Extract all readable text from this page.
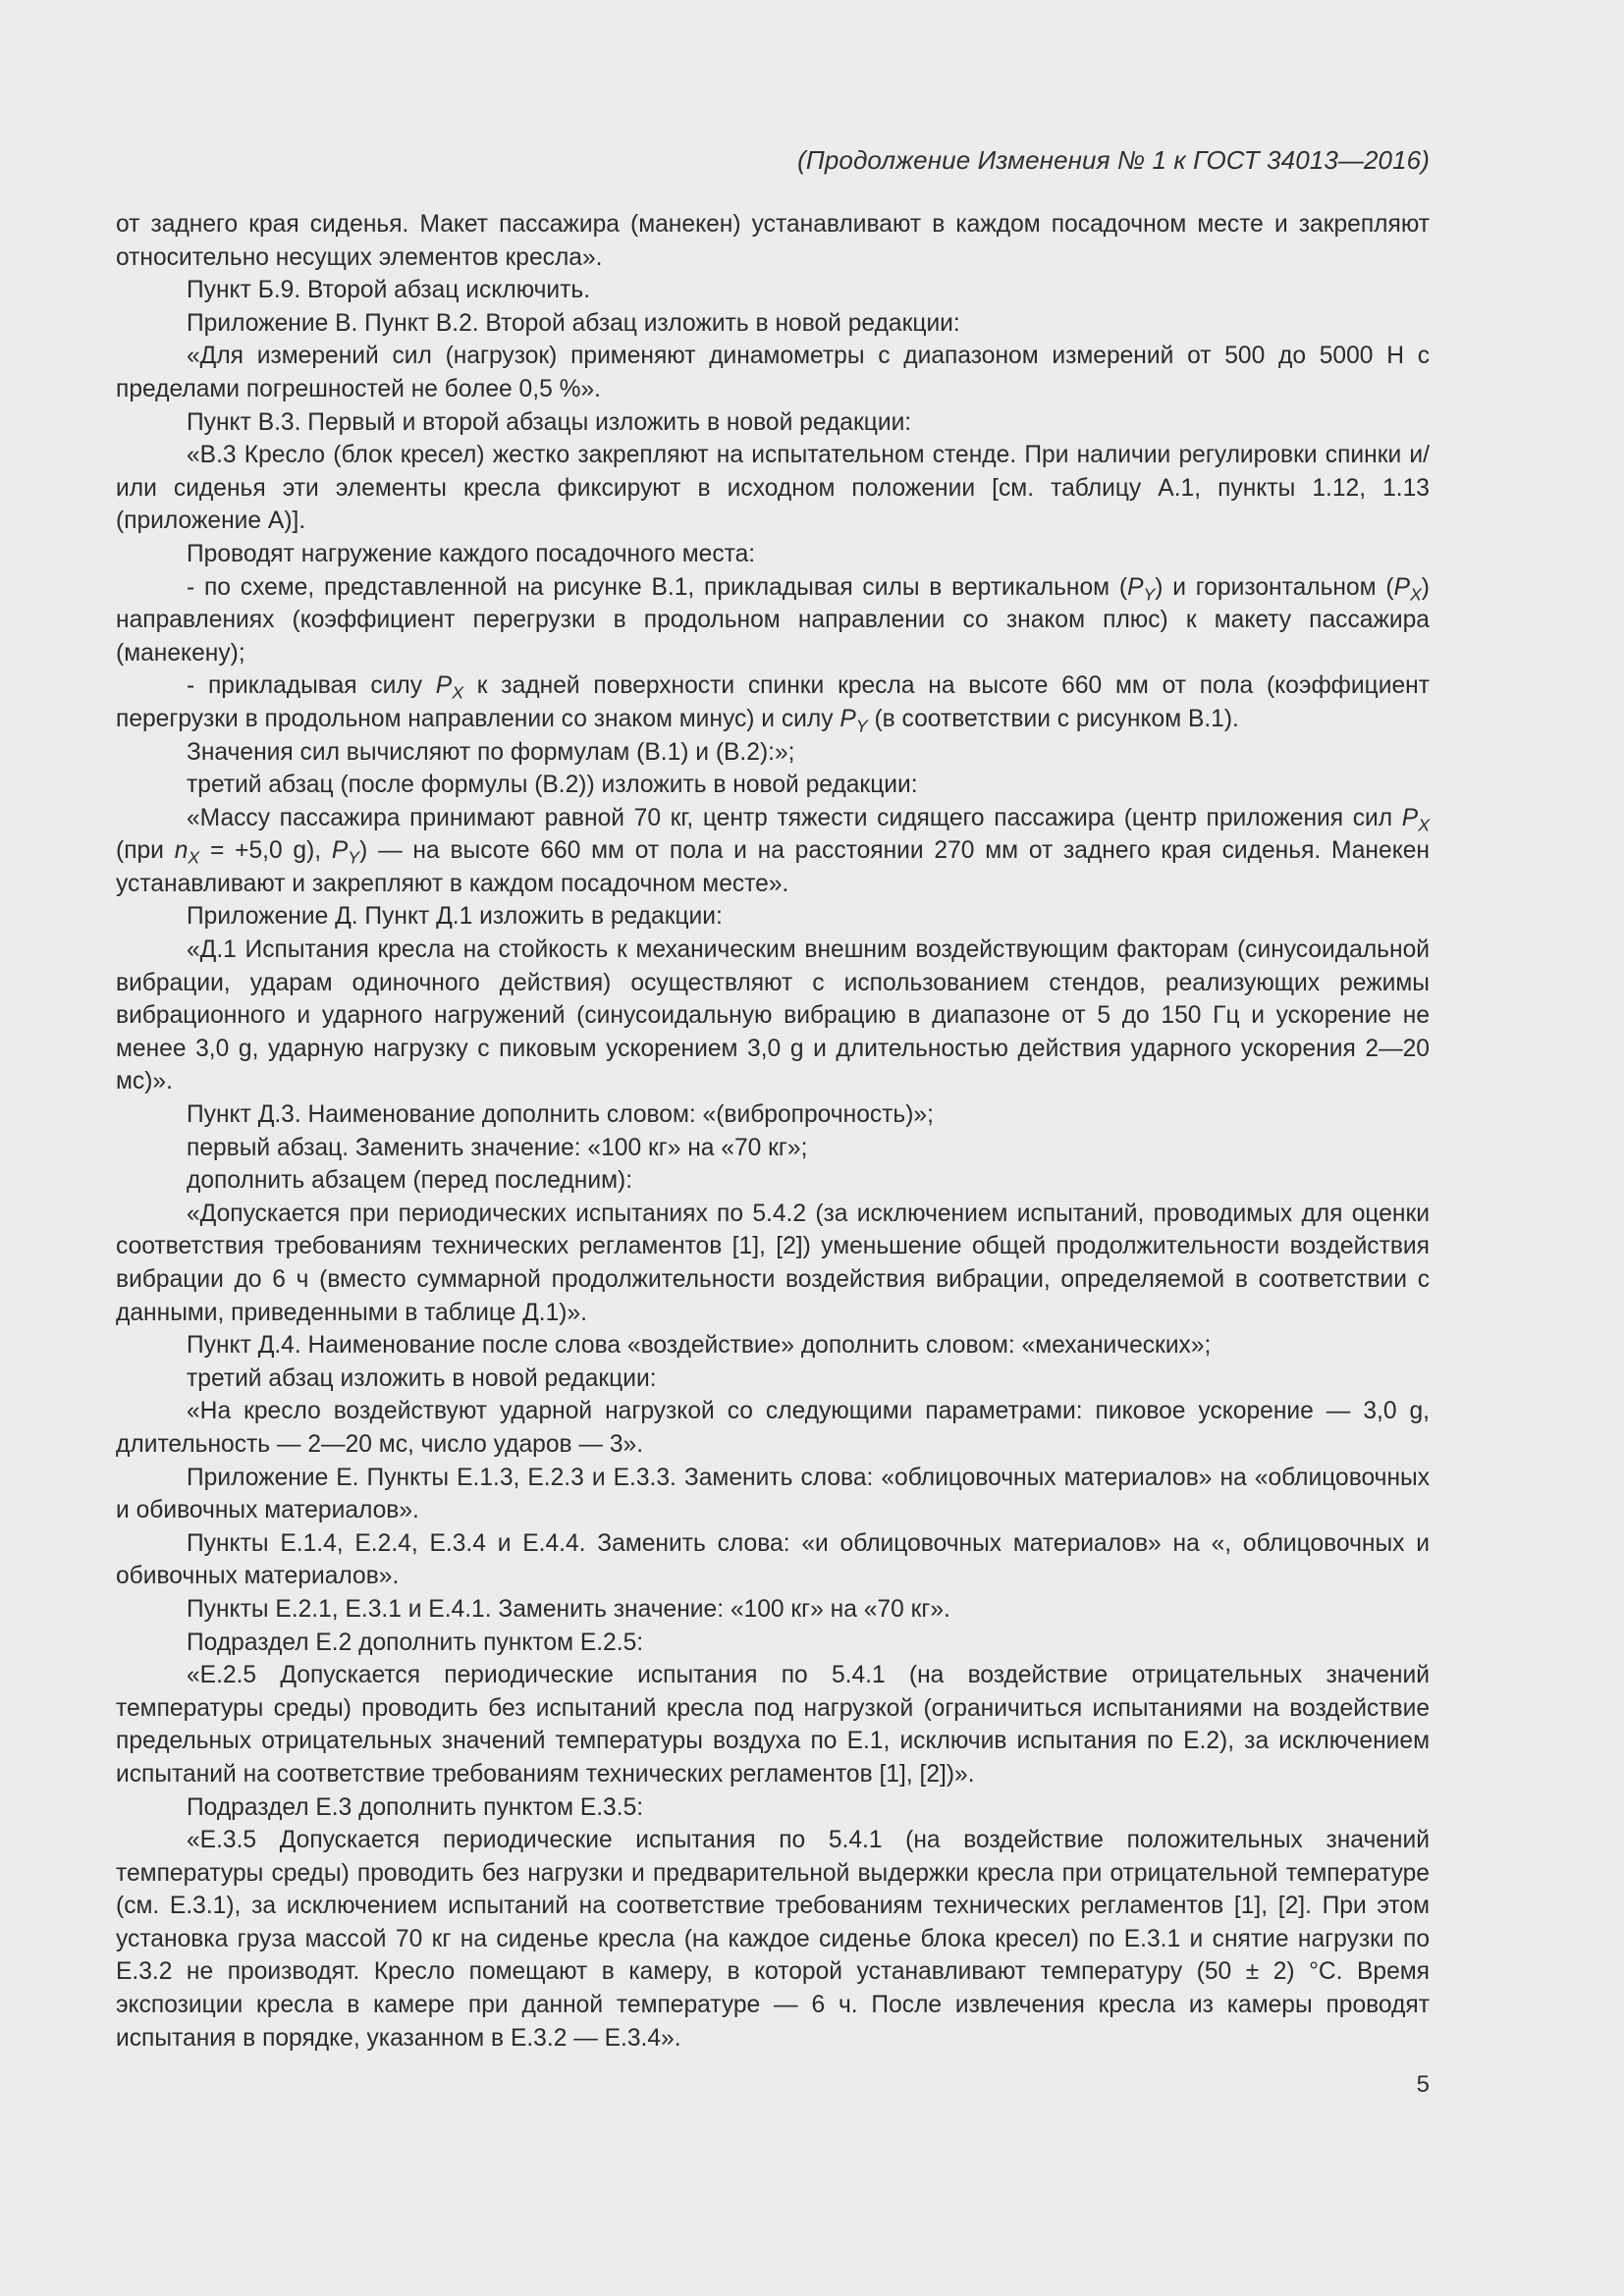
(Продолжение Изменения № 1 к ГОСТ 34013—2016)

от заднего края сиденья. Макет пассажира (манекен) устанавливают в каждом посадочном месте и закрепляют относительно несущих элементов кресла».

Пункт Б.9. Второй абзац исключить.

Приложение В. Пункт В.2. Второй абзац изложить в новой редакции:

«Для измерений сил (нагрузок) применяют динамометры с диапазоном измерений от 500 до 5000 Н с пределами погрешностей не более 0,5 %».

Пункт В.3. Первый и второй абзацы изложить в новой редакции:

«В.3 Кресло (блок кресел) жестко закрепляют на испытательном стенде. При наличии регулировки спинки и/или сиденья эти элементы кресла фиксируют в исходном положении [см. таблицу А.1, пункты 1.12, 1.13 (приложение А)].

Проводят нагружение каждого посадочного места:

- по схеме, представленной на рисунке В.1, прикладывая силы в вертикальном $(P_Y)$ и горизонтальном $(P_X)$ направлениях (коэффициент перегрузки в продольном направлении со знаком плюс) к макету пассажира (манекену);

- прикладывая силу $P_X$ к задней поверхности спинки кресла на высоте 660 мм от пола (коэффициент перегрузки в продольном направлении со знаком минус) и силу $P_Y$ (в соответствии с рисунком В.1).

Значения сил вычисляют по формулам (В.1) и (В.2):»;

третий абзац (после формулы (В.2)) изложить в новой редакции:

«Массу пассажира принимают равной 70 кг, центр тяжести сидящего пассажира (центр приложения сил $P_X$ (при $n_X = +5,0$ g), $P_Y$) — на высоте 660 мм от пола и на расстоянии 270 мм от заднего края сиденья. Манекен устанавливают и закрепляют в каждом посадочном месте».

Приложение Д. Пункт Д.1 изложить в редакции:

«Д.1 Испытания кресла на стойкость к механическим внешним воздействующим факторам (синусоидальной вибрации, ударам одиночного действия) осуществляют с использованием стендов, реализующих режимы вибрационного и ударного нагружений (синусоидальную вибрацию в диапазоне от 5 до 150 Гц и ускорение не менее 3,0 g, ударную нагрузку с пиковым ускорением 3,0 g и длительностью действия ударного ускорения 2—20 мс)».

Пункт Д.3. Наименование дополнить словом: «(вибропрочность)»;

первый абзац. Заменить значение: «100 кг» на «70 кг»;

дополнить абзацем (перед последним):

«Допускается при периодических испытаниях по 5.4.2 (за исключением испытаний, проводимых для оценки соответствия требованиям технических регламентов [1], [2]) уменьшение общей продолжительности воздействия вибрации до 6 ч (вместо суммарной продолжительности воздействия вибрации, определяемой в соответствии с данными, приведенными в таблице Д.1)».

Пункт Д.4. Наименование после слова «воздействие» дополнить словом: «механических»;

третий абзац изложить в новой редакции:

«На кресло воздействуют ударной нагрузкой со следующими параметрами: пиковое ускорение — 3,0 g, длительность — 2—20 мс, число ударов — 3».

Приложение Е. Пункты Е.1.3, Е.2.3 и Е.3.3. Заменить слова: «облицовочных материалов» на «облицовочных и обивочных материалов».

Пункты Е.1.4, Е.2.4, Е.3.4 и Е.4.4. Заменить слова: «и облицовочных материалов» на «, облицовочных и обивочных материалов».

Пункты Е.2.1, Е.3.1 и Е.4.1. Заменить значение: «100 кг» на «70 кг».

Подраздел Е.2 дополнить пунктом Е.2.5:

«Е.2.5 Допускается периодические испытания по 5.4.1 (на воздействие отрицательных значений температуры среды) проводить без испытаний кресла под нагрузкой (ограничиться испытаниями на воздействие предельных отрицательных значений температуры воздуха по Е.1, исключив испытания по Е.2), за исключением испытаний на соответствие требованиям технических регламентов [1], [2])».

Подраздел Е.3 дополнить пунктом Е.3.5:

«Е.3.5 Допускается периодические испытания по 5.4.1 (на воздействие положительных значений температуры среды) проводить без нагрузки и предварительной выдержки кресла при отрицательной температуре (см. Е.3.1), за исключением испытаний на соответствие требованиям технических регламентов [1], [2]. При этом установка груза массой 70 кг на сиденье кресла (на каждое сиденье блока кресел) по Е.3.1 и снятие нагрузки по Е.3.2 не производят. Кресло помещают в камеру, в которой устанавливают температуру (50 ± 2) °С. Время экспозиции кресла в камере при данной температуре — 6 ч. После извлечения кресла из камеры проводят испытания в порядке, указанном в Е.3.2 — Е.3.4».

5
